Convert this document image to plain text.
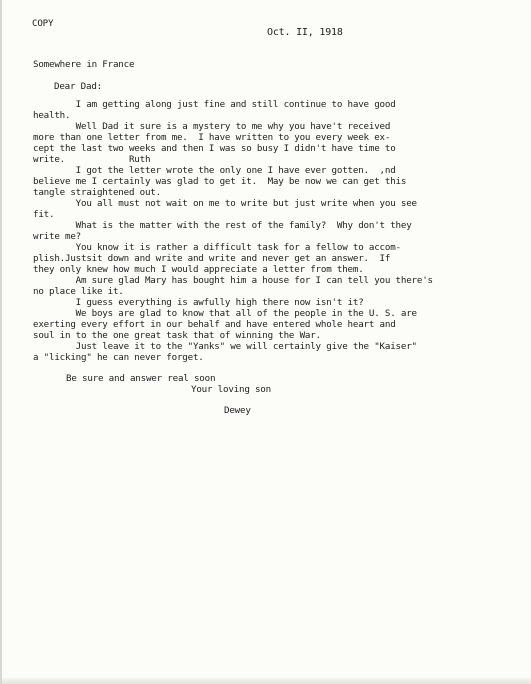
COPY
Oct. II, 1918
Somewhere in France
Dear Dad:
I am getting along just fine and still continue to have good
health.
Well Dad it sure is a mystery to me why you have't received
more than one letter from me.  I have written to you every week ex-
cept the last two weeks and then I was so busy I didn't have time to
write.            Ruth
I got the letter wrote the only one I have ever gotten.  ,nd
believe me I certainly was glad to get it.  May be now we can get this
tangle straightened out.
You all must not wait on me to write but just write when you see
fit.
What is the matter with the rest of the family?  Why don't they
write me?
You know it is rather a difficult task for a fellow to accom-
plish.Justsit down and write and write and never get an answer.  If
they only knew how much I would appreciate a letter from them.
Am sure glad Mary has bought him a house for I can tell you there's
no place like it.
I guess everything is awfully high there now isn't it?
We boys are glad to know that all of the people in the U. S. are
exerting every effort in our behalf and have entered whole heart and
soul in to the one great task that of winning the War.
Just leave it to the "Yanks" we will certainly give the "Kaiser"
a "licking" he can never forget.
Be sure and answer real soon
Your loving son
Dewey
